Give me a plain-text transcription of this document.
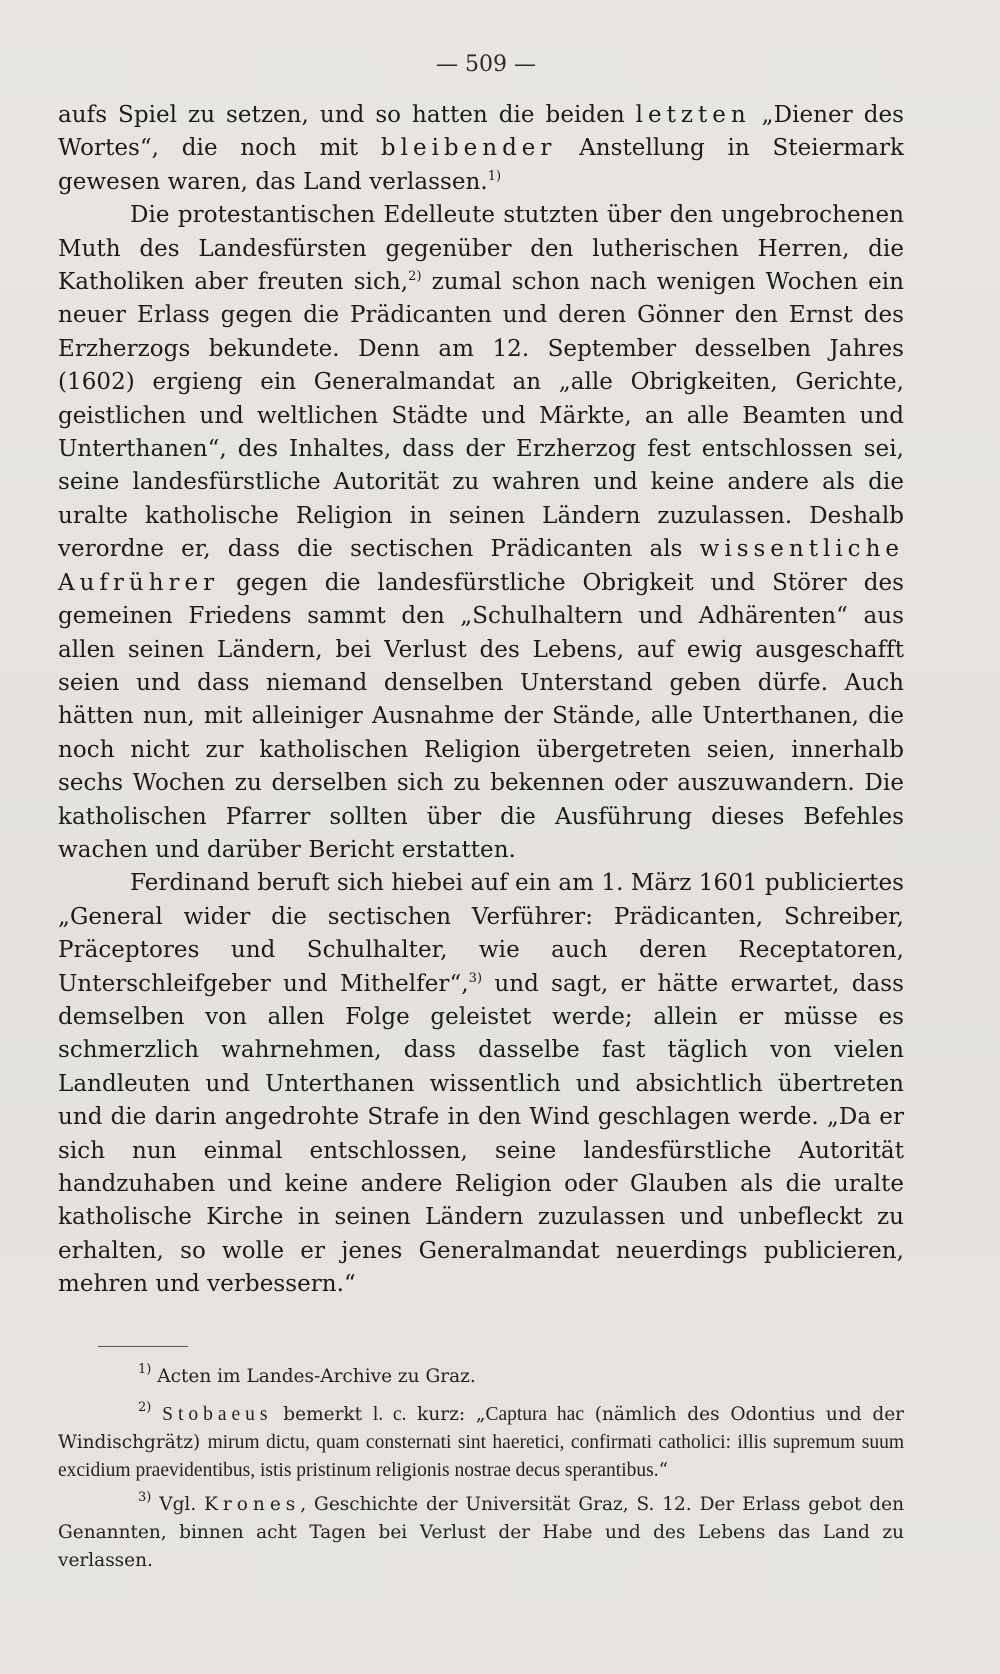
— 509 —

aufs Spiel zu setzen, und so hatten die beiden letzten „Diener des Wortes“, die noch mit bleibender Anstellung in Steiermark gewesen waren, das Land verlassen.$^{1)}$

Die protestantischen Edelleute stutzten über den ungebrochenen Muth des Landesfürsten gegenüber den lutherischen Herren, die Katholiken aber freuten sich,$^{2)}$ zumal schon nach wenigen Wochen ein neuer Erlass gegen die Prädicanten und deren Gönner den Ernst des Erzherzogs bekundete. Denn am 12. September desselben Jahres (1602) ergieng ein Generalmandat an „alle Obrigkeiten, Gerichte, geistlichen und weltlichen Städte und Märkte, an alle Beamten und Unterthanen“, des Inhaltes, dass der Erzherzog fest entschlossen sei, seine landesfürstliche Autorität zu wahren und keine andere als die uralte katholische Religion in seinen Ländern zuzulassen. Deshalb verordne er, dass die sectischen Prädicanten als wissentliche Aufrührer gegen die landesfürstliche Obrigkeit und Störer des gemeinen Friedens sammt den „Schulhaltern und Adhärenten“ aus allen seinen Ländern, bei Verlust des Lebens, auf ewig ausgeschafft seien und dass niemand denselben Unterstand geben dürfe. Auch hätten nun, mit alleiniger Ausnahme der Stände, alle Unterthanen, die noch nicht zur katholischen Religion übergetreten seien, innerhalb sechs Wochen zu derselben sich zu bekennen oder auszuwandern. Die katholischen Pfarrer sollten über die Ausführung dieses Befehles wachen und darüber Bericht erstatten.

Ferdinand beruft sich hiebei auf ein am 1. März 1601 publiciertes „General wider die sectischen Verführer: Prädicanten, Schreiber, Präceptores und Schulhalter, wie auch deren Receptatoren, Unterschleifgeber und Mithelfer“,$^{3)}$ und sagt, er hätte erwartet, dass demselben von allen Folge geleistet werde; allein er müsse es schmerzlich wahrnehmen, dass dasselbe fast täglich von vielen Landleuten und Unterthanen wissentlich und absichtlich übertreten und die darin angedrohte Strafe in den Wind geschlagen werde. „Da er sich nun einmal entschlossen, seine landesfürstliche Autorität handzuhaben und keine andere Religion oder Glauben als die uralte katholische Kirche in seinen Ländern zuzulassen und unbefleckt zu erhalten, so wolle er jenes Generalmandat neuerdings publicieren, mehren und verbessern.“

$^{1)}$ Acten im Landes-Archive zu Graz.

$^{2)}$ Stobaeus bemerkt l. c. kurz: „Captura hac (nämlich des Odontius und der Windischgrätz) mirum dictu, quam consternati sint haeretici, confirmati catholici: illis supremum suum excidium praevidentibus, istis pristinum religionis nostrae decus sperantibus.“

$^{3)}$ Vgl. Krones, Geschichte der Universität Graz, S. 12. Der Erlass gebot den Genannten, binnen acht Tagen bei Verlust der Habe und des Lebens das Land zu verlassen.
